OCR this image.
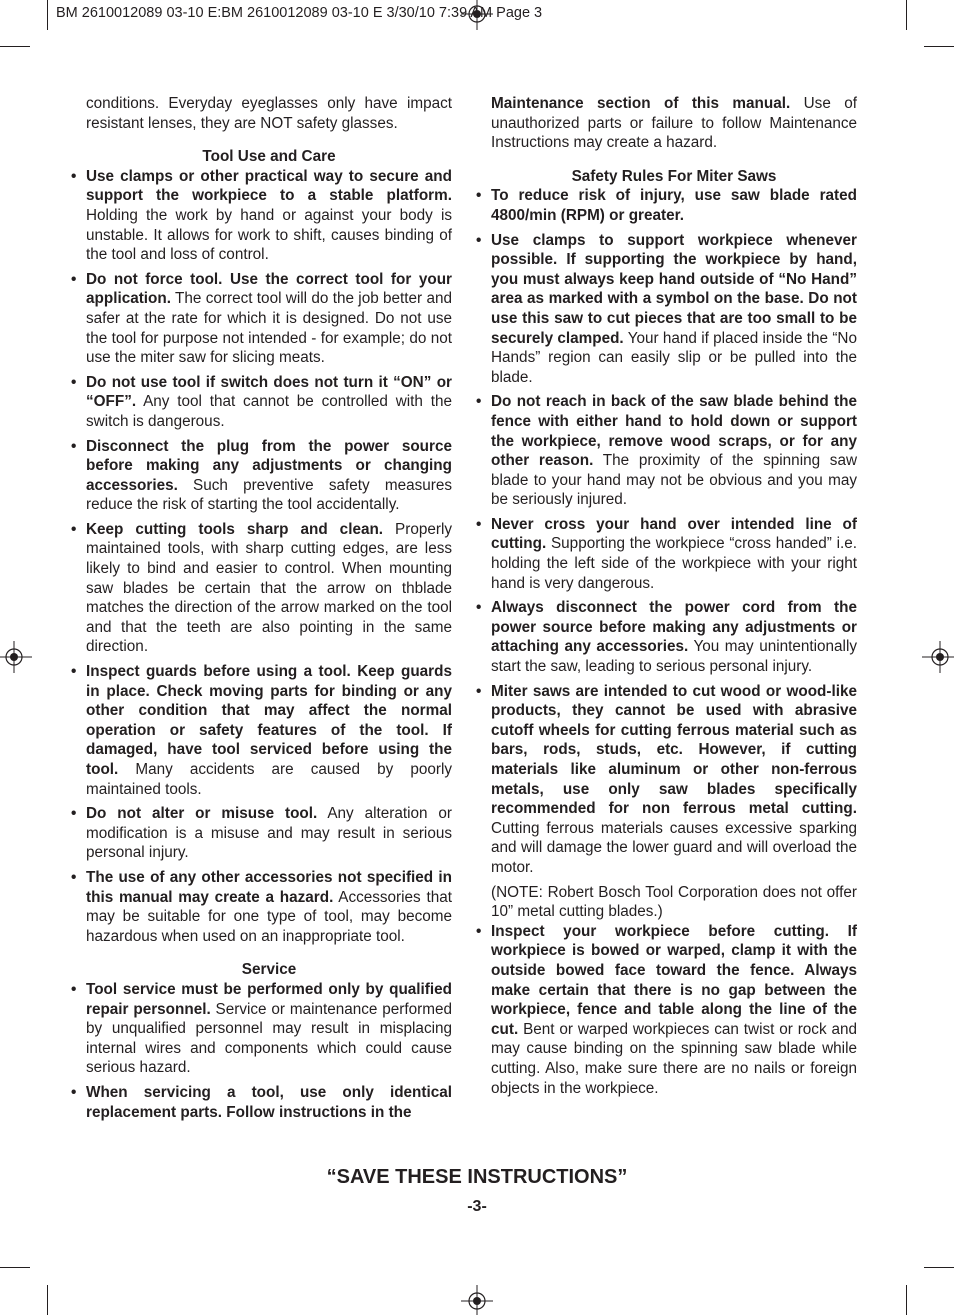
BM 2610012089 03-10 E:BM 2610012089 03-10 E 3/30/10 7:39 AM Page 3

conditions. Everyday eyeglasses only have impact resistant lenses, they are NOT safety glasses.

Tool Use and Care
• Use clamps or other practical way to secure and support the workpiece to a stable platform. Holding the work by hand or against your body is unstable. It allows for work to shift, causes binding of the tool and loss of control.
• Do not force tool. Use the correct tool for your application. The correct tool will do the job better and safer at the rate for which it is designed. Do not use the tool for purpose not intended - for example; do not use the miter saw for slicing meats.
• Do not use tool if switch does not turn it “ON” or “OFF”. Any tool that cannot be controlled with the switch is dangerous.
• Disconnect the plug from the power source before making any adjustments or changing accessories. Such preventive safety measures reduce the risk of starting the tool accidentally.
• Keep cutting tools sharp and clean. Properly maintained tools, with sharp cutting edges, are less likely to bind and easier to control. When mounting saw blades be certain that the arrow on thblade matches the direction of the arrow marked on the tool and that the teeth are also pointing in the same direction.
• Inspect guards before using a tool. Keep guards in place. Check moving parts for binding or any other condition that may affect the normal operation or safety features of the tool. If damaged, have tool serviced before using the tool. Many accidents are caused by poorly maintained tools.
• Do not alter or misuse tool. Any alteration or modification is a misuse and may result in serious personal injury.
• The use of any other accessories not specified in this manual may create a hazard. Accessories that may be suitable for one type of tool, may become hazardous when used on an inappropriate tool.
Service
• Tool service must be performed only by qualified repair personnel. Service or maintenance performed by unqualified personnel may result in misplacing internal wires and components which could cause serious hazard.
• When servicing a tool, use only identical replacement parts. Follow instructions in the

Maintenance section of this manual. Use of unauthorized parts or failure to follow Maintenance Instructions may create a hazard.

Safety Rules For Miter Saws
• To reduce risk of injury, use saw blade rated 4800/min (RPM) or greater.
• Use clamps to support workpiece whenever possible. If supporting the workpiece by hand, you must always keep hand outside of “No Hand” area as marked with a symbol on the base. Do not use this saw to cut pieces that are too small to be securely clamped. Your hand if placed inside the “No Hands” region can easily slip or be pulled into the blade.
• Do not reach in back of the saw blade behind the fence with either hand to hold down or support the workpiece, remove wood scraps, or for any other reason. The proximity of the spinning saw blade to your hand may not be obvious and you may be seriously injured.
• Never cross your hand over intended line of cutting. Supporting the workpiece “cross handed” i.e. holding the left side of the workpiece with your right hand is very dangerous.
• Always disconnect the power cord from the power source before making any adjustments or attaching any accessories. You may unintentionally start the saw, leading to serious personal injury.
• Miter saws are intended to cut wood or wood-like products, they cannot be used with abrasive cutoff wheels for cutting ferrous material such as bars, rods, studs, etc. However, if cutting materials like aluminum or other non-ferrous metals, use only saw blades specifically recommended for non ferrous metal cutting. Cutting ferrous materials causes excessive sparking and will damage the lower guard and will overload the motor.

(NOTE: Robert Bosch Tool Corporation does not offer 10” metal cutting blades.)

• Inspect your workpiece before cutting. If workpiece is bowed or warped, clamp it with the outside bowed face toward the fence. Always make certain that there is no gap between the workpiece, fence and table along the line of the cut. Bent or warped workpieces can twist or rock and may cause binding on the spinning saw blade while cutting. Also, make sure there are no nails or foreign objects in the workpiece.
“SAVE THESE INSTRUCTIONS”
-3-
